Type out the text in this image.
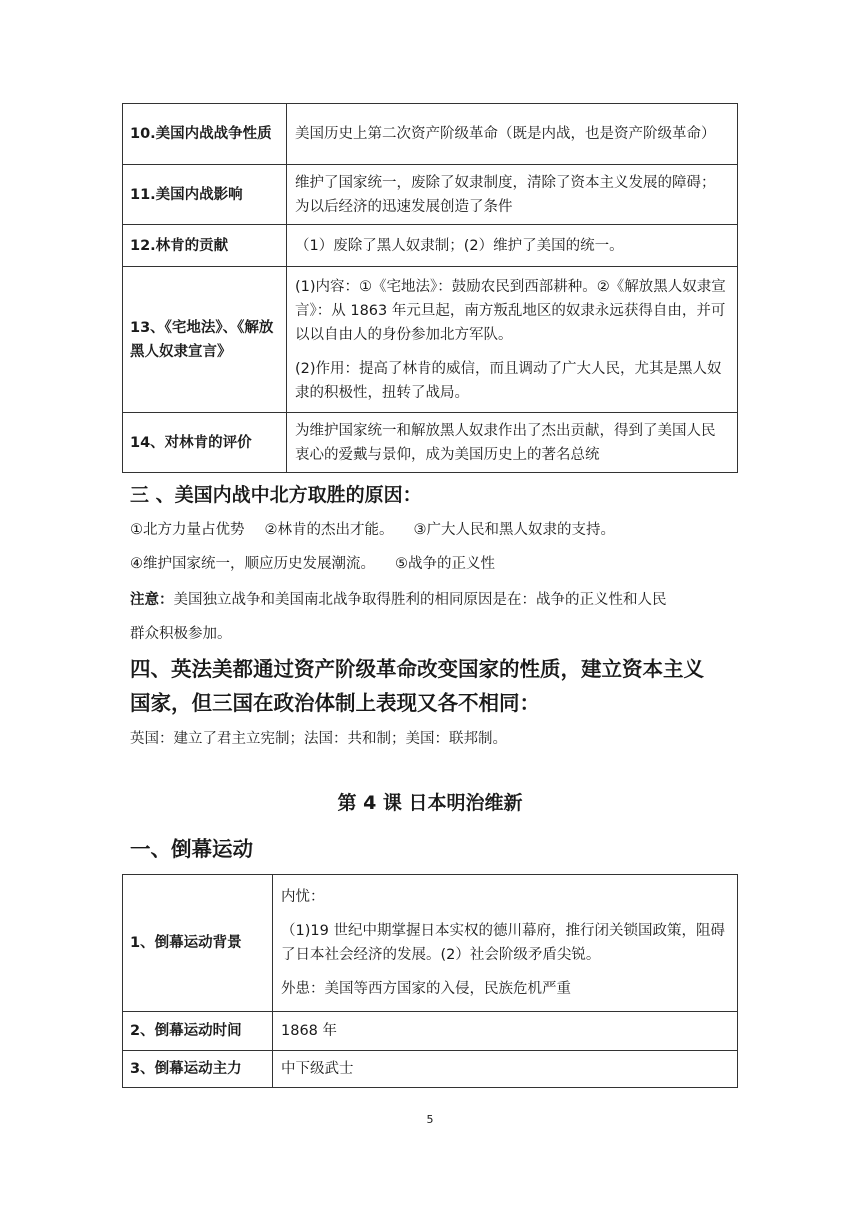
10.美国内战战争性质	美国历史上第二次资产阶级革命（既是内战，也是资产阶级革命）

11.美国内战影响	维护了国家统一，废除了奴隶制度，清除了资本主义发展的障碍；为以后经济的迅速发展创造了条件

12.林肯的贡献	（1）废除了黑人奴隶制；(2）维护了美国的统一。

13、《宅地法》、《解放黑人奴隶宣言》	(1)内容：①《宅地法》：鼓励农民到西部耕种。②《解放黑人奴隶宣言》：从 1863 年元旦起，南方叛乱地区的奴隶永远获得自由，并可以以自由人的身份参加北方军队。

(2)作用：提高了林肯的威信，而且调动了广大人民，尤其是黑人奴隶的积极性，扭转了战局。

14、对林肯的评价	为维护国家统一和解放黑人奴隶作出了杰出贡献，得到了美国人民衷心的爱戴与景仰，成为美国历史上的著名总统

三 、美国内战中北方取胜的原因：

①北方力量占优势 ②林肯的杰出才能。 ③广大人民和黑人奴隶的支持。

④维护国家统一，顺应历史发展潮流。 ⑤战争的正义性

注意：美国独立战争和美国南北战争取得胜利的相同原因是在：战争的正义性和人民

群众积极参加。

四、英法美都通过资产阶级革命改变国家的性质，建立资本主义

国家，但三国在政治体制上表现又各不相同：

英国：建立了君主立宪制；法国：共和制；美国：联邦制。

第 4 课 日本明治维新

一、倒幕运动

1、倒幕运动背景	内忧：

（1)19 世纪中期掌握日本实权的德川幕府，推行闭关锁国政策，阻碍了日本社会经济的发展。(2）社会阶级矛盾尖锐。

外患：美国等西方国家的入侵，民族危机严重

2、倒幕运动时间	1868 年

3、倒幕运动主力	中下级武士

5
